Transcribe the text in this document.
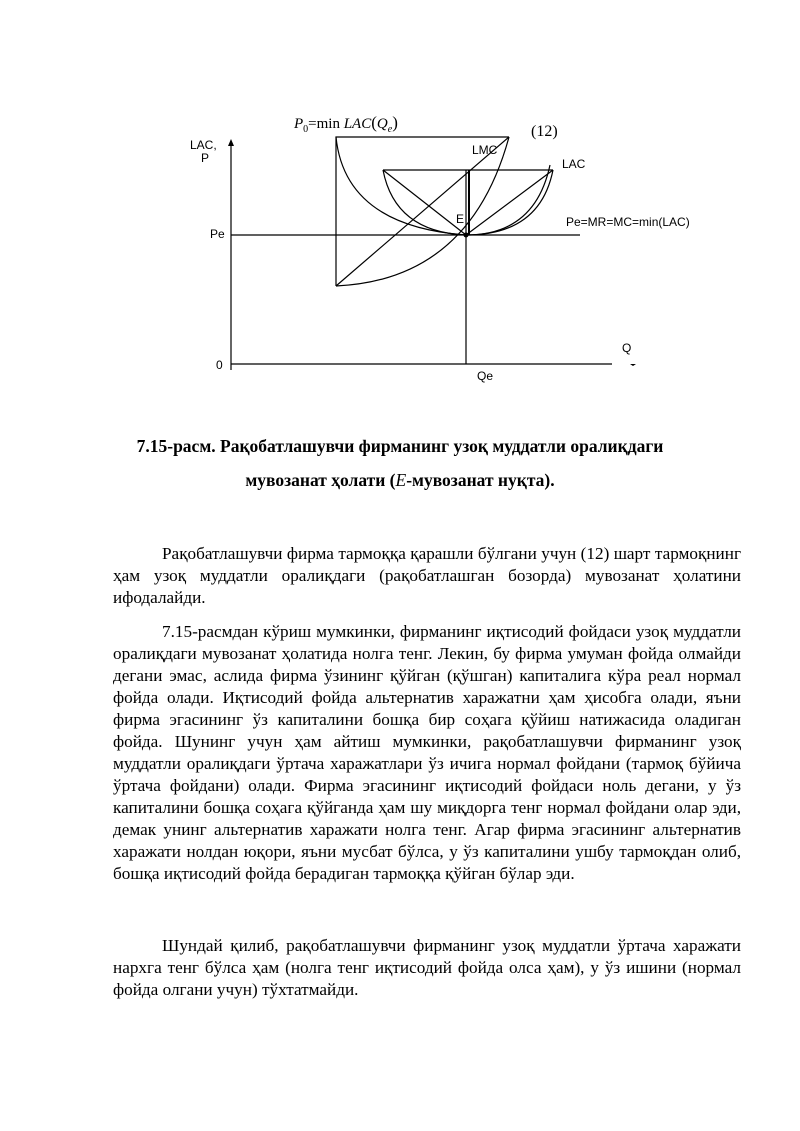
$P_0=\min$ $LAC(Q_e)$	(12)
LAC,
P
LMC
LAC
E
Pe
Pe=MR=MC=min(LAC)
0
Q
Qe
7.15-расм. Рақобатлашувчи фирманинг узоқ муддатли оралиқдаги
мувозанат ҳолати (E-мувозанат нуқта).

Рақобатлашувчи фирма тармоққа қарашли бўлгани учун (12) шарт тармоқнинг ҳам узоқ муддатли оралиқдаги (рақобатлашган бозорда) мувозанат ҳолатини ифодалайди.

7.15-расмдан кўриш мумкинки, фирманинг иқтисодий фойдаси узоқ муддатли оралиқдаги мувозанат ҳолатида нолга тенг. Лекин, бу фирма умуман фойда олмайди дегани эмас, аслида фирма ўзининг қўйган (қўшган) капиталига кўра реал нормал фойда олади. Иқтисодий фойда альтернатив харажатни ҳам ҳисобга олади, яъни фирма эгасининг ўз капиталини бошқа бир соҳага қўйиш натижасида оладиган фойда. Шунинг учун ҳам айтиш мумкинки, рақобатлашувчи фирманинг узоқ муддатли оралиқдаги ўртача харажатлари ўз ичига нормал фойдани (тармоқ бўйича ўртача фойдани) олади. Фирма эгасининг иқтисодий фойдаси ноль дегани, у ўз капиталини бошқа соҳага қўйганда ҳам шу миқдорга тенг нормал фойдани олар эди, демак унинг альтернатив харажати нолга тенг. Агар фирма эгасининг альтернатив харажати нолдан юқори, яъни мусбат бўлса, у ўз капиталини ушбу тармоқдан олиб, бошқа иқтисодий фойда берадиган тармоққа қўйган бўлар эди.

Шундай қилиб, рақобатлашувчи фирманинг узоқ муддатли ўртача харажати нархга тенг бўлса ҳам (нолга тенг иқтисодий фойда олса ҳам), у ўз ишини (нормал фойда олгани учун) тўхтатмайди.
